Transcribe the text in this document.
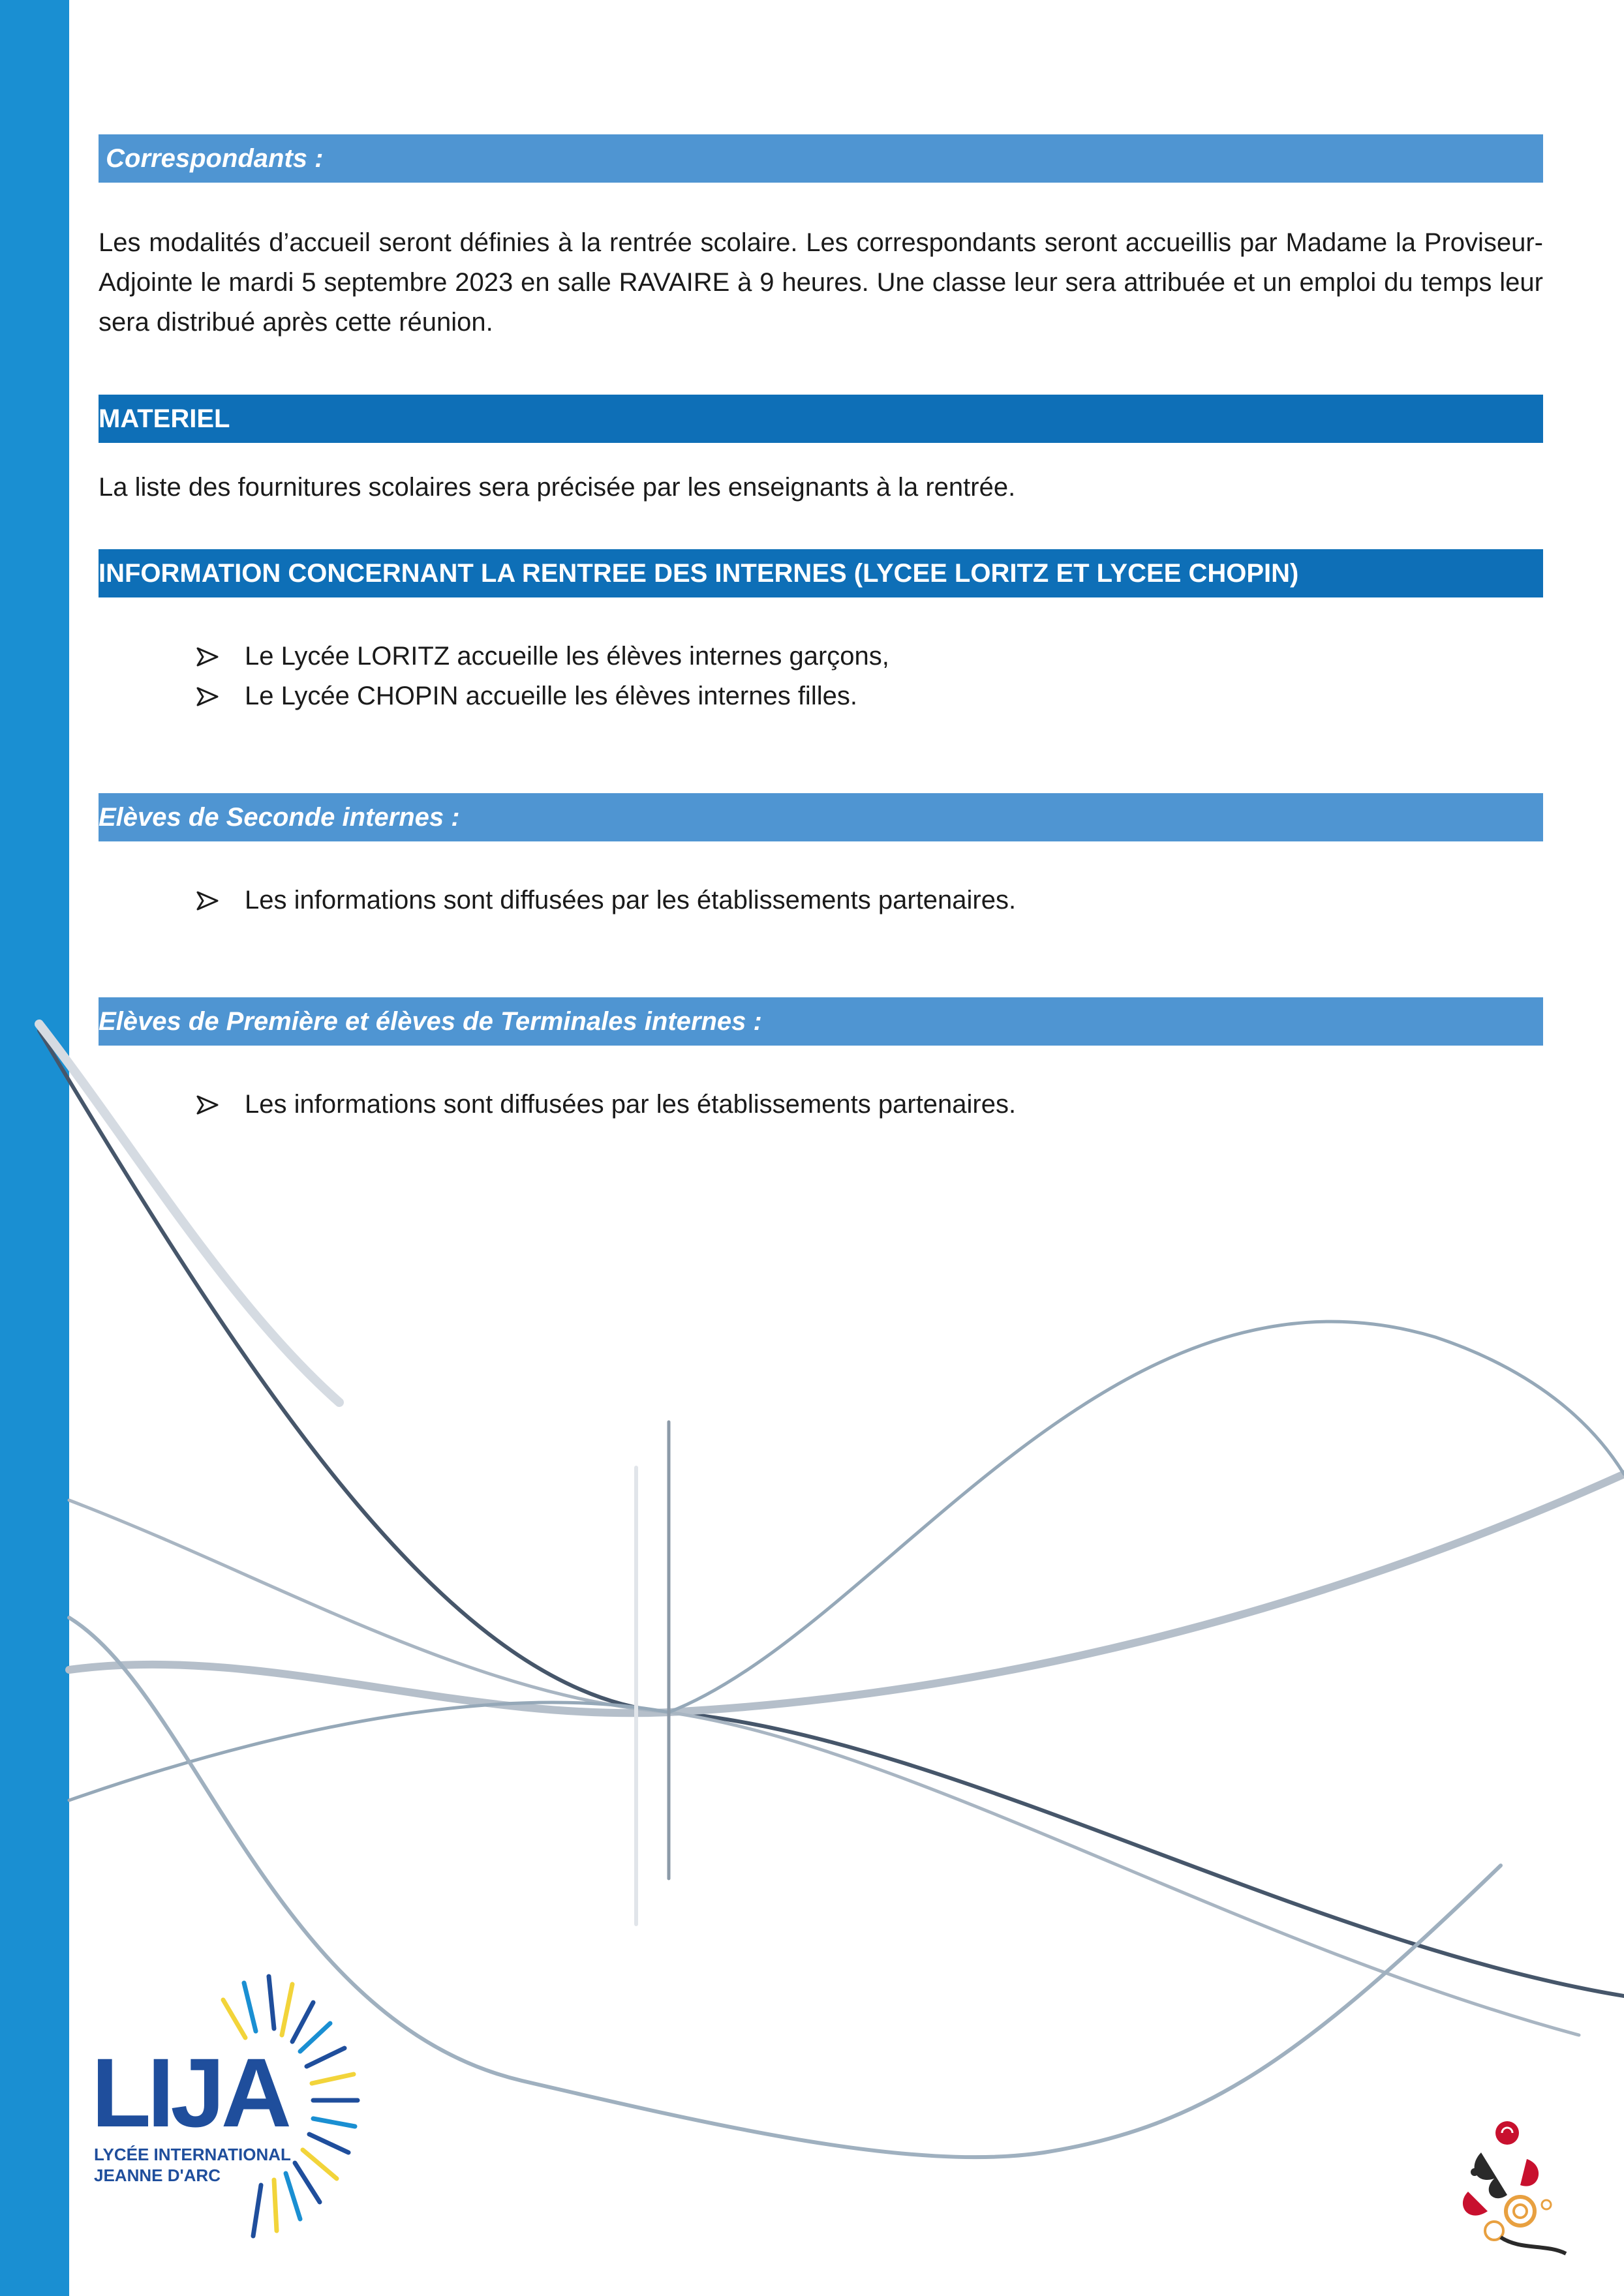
Correspondants :

Les modalités d’accueil seront définies à la rentrée scolaire. Les correspondants seront accueillis par Madame la Proviseur-Adjointe le mardi 5 septembre 2023 en salle RAVAIRE à 9 heures. Une classe leur sera attribuée et un emploi du temps leur sera distribué après cette réunion.

MATERIEL

La liste des fournitures scolaires sera précisée par les enseignants à la rentrée.

INFORMATION CONCERNANT LA RENTREE DES INTERNES (LYCEE LORITZ ET LYCEE CHOPIN)
Le Lycée LORITZ accueille les élèves internes garçons,
Le Lycée CHOPIN accueille les élèves internes filles.
Elèves de Seconde internes :
Les informations sont diffusées par les établissements partenaires.
Elèves de Première et élèves de Terminales internes :
Les informations sont diffusées par les établissements partenaires.
LIJA
LYCÉE INTERNATIONAL
JEANNE D'ARC
